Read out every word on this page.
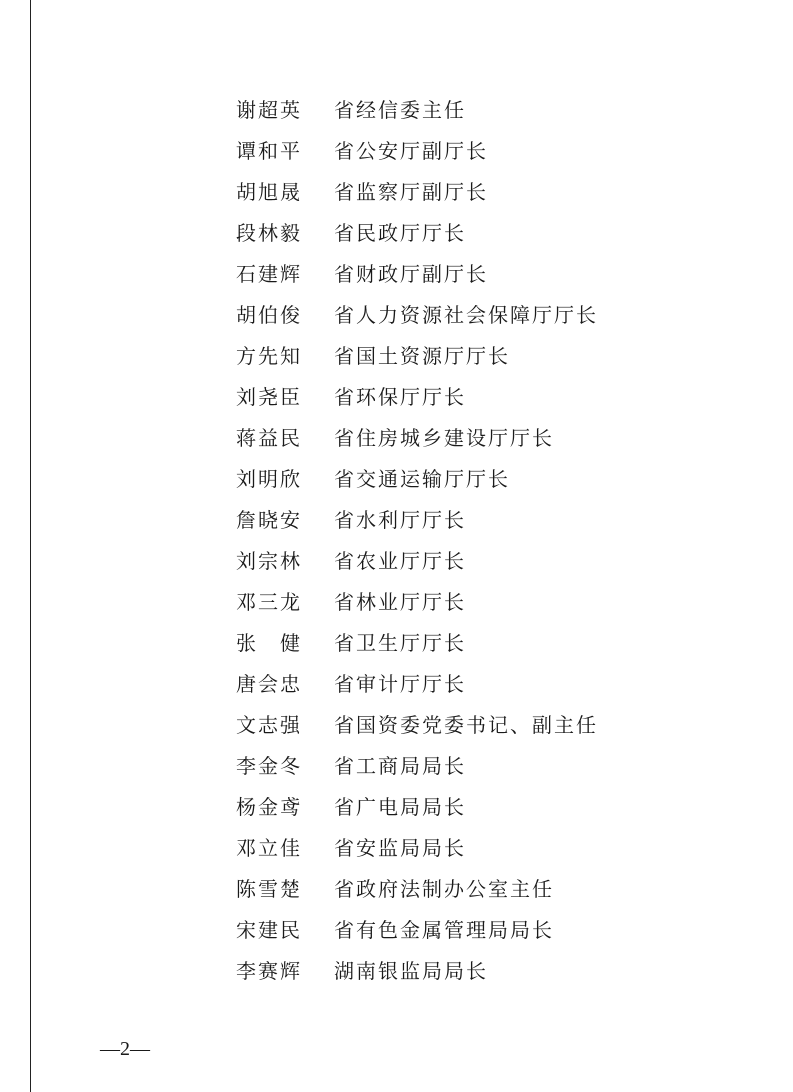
谢超英	省经信委主任
谭和平	省公安厅副厅长
胡旭晟	省监察厅副厅长
段林毅	省民政厅厅长
石建辉	省财政厅副厅长
胡伯俊	省人力资源社会保障厅厅长
方先知	省国土资源厅厅长
刘尧臣	省环保厅厅长
蒋益民	省住房城乡建设厅厅长
刘明欣	省交通运输厅厅长
詹晓安	省水利厅厅长
刘宗林	省农业厅厅长
邓三龙	省林业厅厅长
张　健	省卫生厅厅长
唐会忠	省审计厅厅长
文志强	省国资委党委书记、副主任
李金冬	省工商局局长
杨金鸢	省广电局局长
邓立佳	省安监局局长
陈雪楚	省政府法制办公室主任
宋建民	省有色金属管理局局长
李赛辉	湖南银监局局长
—2—
